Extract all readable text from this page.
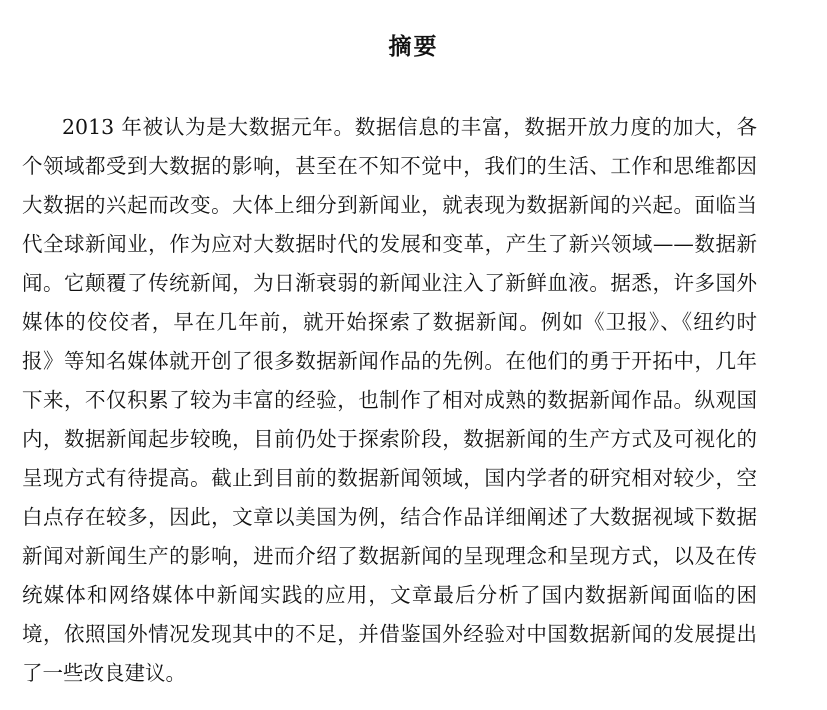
摘要
2013 年被认为是大数据元年。数据信息的丰富，数据开放力度的加大，各
个领域都受到大数据的影响，甚至在不知不觉中，我们的生活、工作和思维都因
大数据的兴起而改变。大体上细分到新闻业，就表现为数据新闻的兴起。面临当
代全球新闻业，作为应对大数据时代的发展和变革，产生了新兴领域——数据新
闻。它颠覆了传统新闻，为日渐衰弱的新闻业注入了新鲜血液。据悉，许多国外
媒体的佼佼者，早在几年前，就开始探索了数据新闻。例如《卫报》、《纽约时
报》等知名媒体就开创了很多数据新闻作品的先例。在他们的勇于开拓中，几年
下来，不仅积累了较为丰富的经验，也制作了相对成熟的数据新闻作品。纵观国
内，数据新闻起步较晚，目前仍处于探索阶段，数据新闻的生产方式及可视化的
呈现方式有待提高。截止到目前的数据新闻领域，国内学者的研究相对较少，空
白点存在较多，因此，文章以美国为例，结合作品详细阐述了大数据视域下数据
新闻对新闻生产的影响，进而介绍了数据新闻的呈现理念和呈现方式，以及在传
统媒体和网络媒体中新闻实践的应用，文章最后分析了国内数据新闻面临的困
境，依照国外情况发现其中的不足，并借鉴国外经验对中国数据新闻的发展提出
了一些改良建议。
